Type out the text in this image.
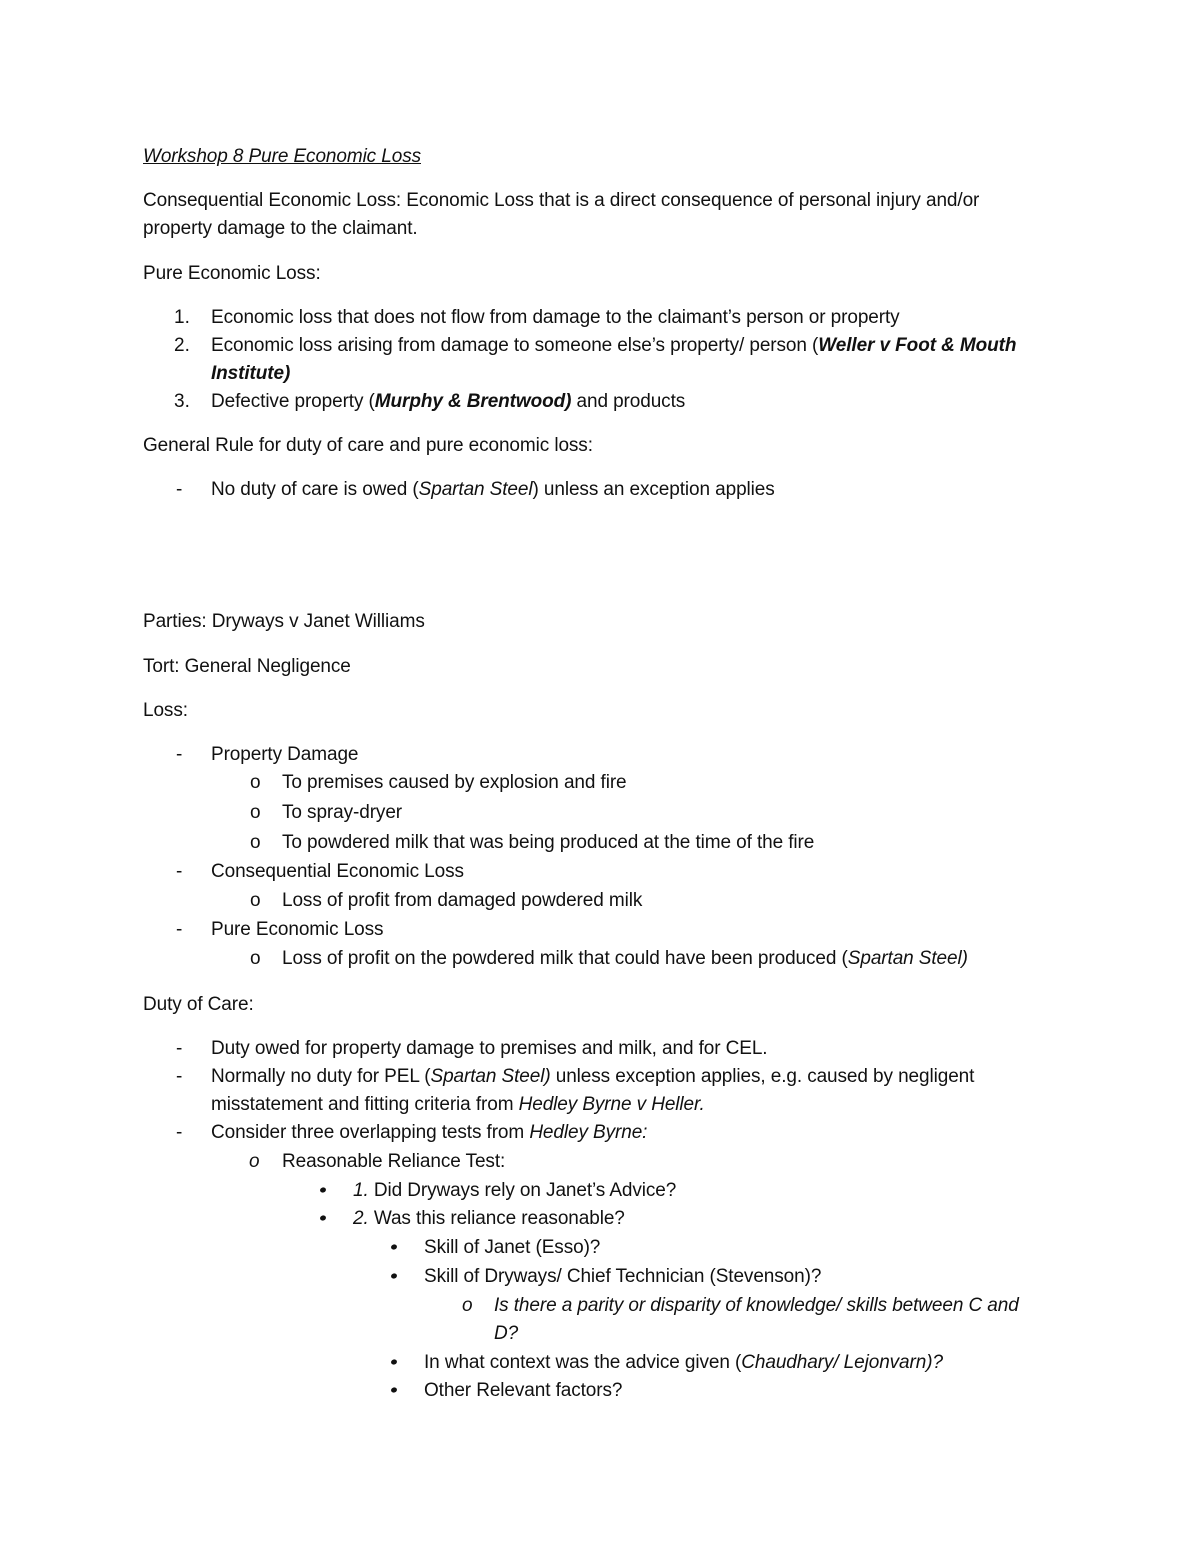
Workshop 8 Pure Economic Loss
Consequential Economic Loss: Economic Loss that is a direct consequence of personal injury and/or
property damage to the claimant.
Pure Economic Loss:
1. Economic loss that does not flow from damage to the claimant’s person or property
2. Economic loss arising from damage to someone else’s property/ person (Weller v Foot & Mouth
Institute)
3. Defective property (Murphy & Brentwood) and products
General Rule for duty of care and pure economic loss:
- No duty of care is owed (Spartan Steel) unless an exception applies
Parties: Dryways v Janet Williams
Tort: General Negligence
Loss:
- Property Damage
o To premises caused by explosion and fire
o To spray-dryer
o To powdered milk that was being produced at the time of the fire
- Consequential Economic Loss
o Loss of profit from damaged powdered milk
- Pure Economic Loss
o Loss of profit on the powdered milk that could have been produced (Spartan Steel)
Duty of Care:
- Duty owed for property damage to premises and milk, and for CEL.
- Normally no duty for PEL (Spartan Steel) unless exception applies, e.g. caused by negligent
misstatement and fitting criteria from Hedley Byrne v Heller.
- Consider three overlapping tests from Hedley Byrne:
o Reasonable Reliance Test:
1. Did Dryways rely on Janet’s Advice?
2. Was this reliance reasonable?
Skill of Janet (Esso)?
Skill of Dryways/ Chief Technician (Stevenson)?
o Is there a parity or disparity of knowledge/ skills between C and
D?
In what context was the advice given (Chaudhary/ Lejonvarn)?
Other Relevant factors?
